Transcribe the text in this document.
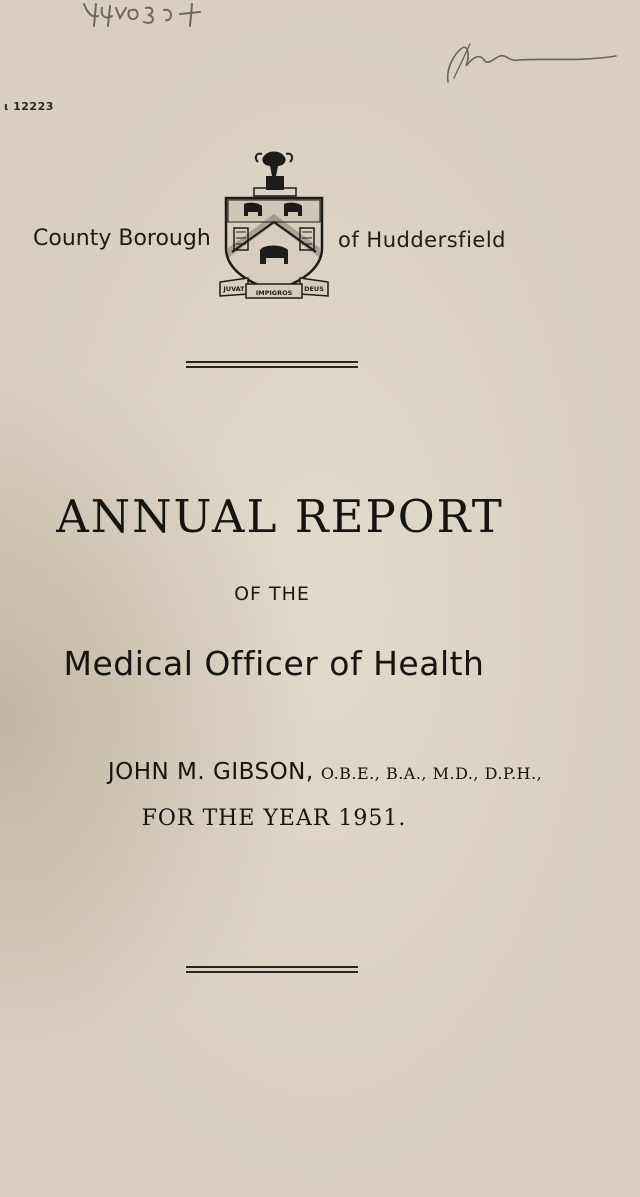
ι 12223
County Borough
JUVAT IMPIGROS DEUS
of Huddersfield
ANNUAL REPORT
OF THE
Medical Officer of Health
JOHN M. GIBSON, O.B.E., B.A., M.D., D.P.H.,
FOR THE YEAR 1951.
